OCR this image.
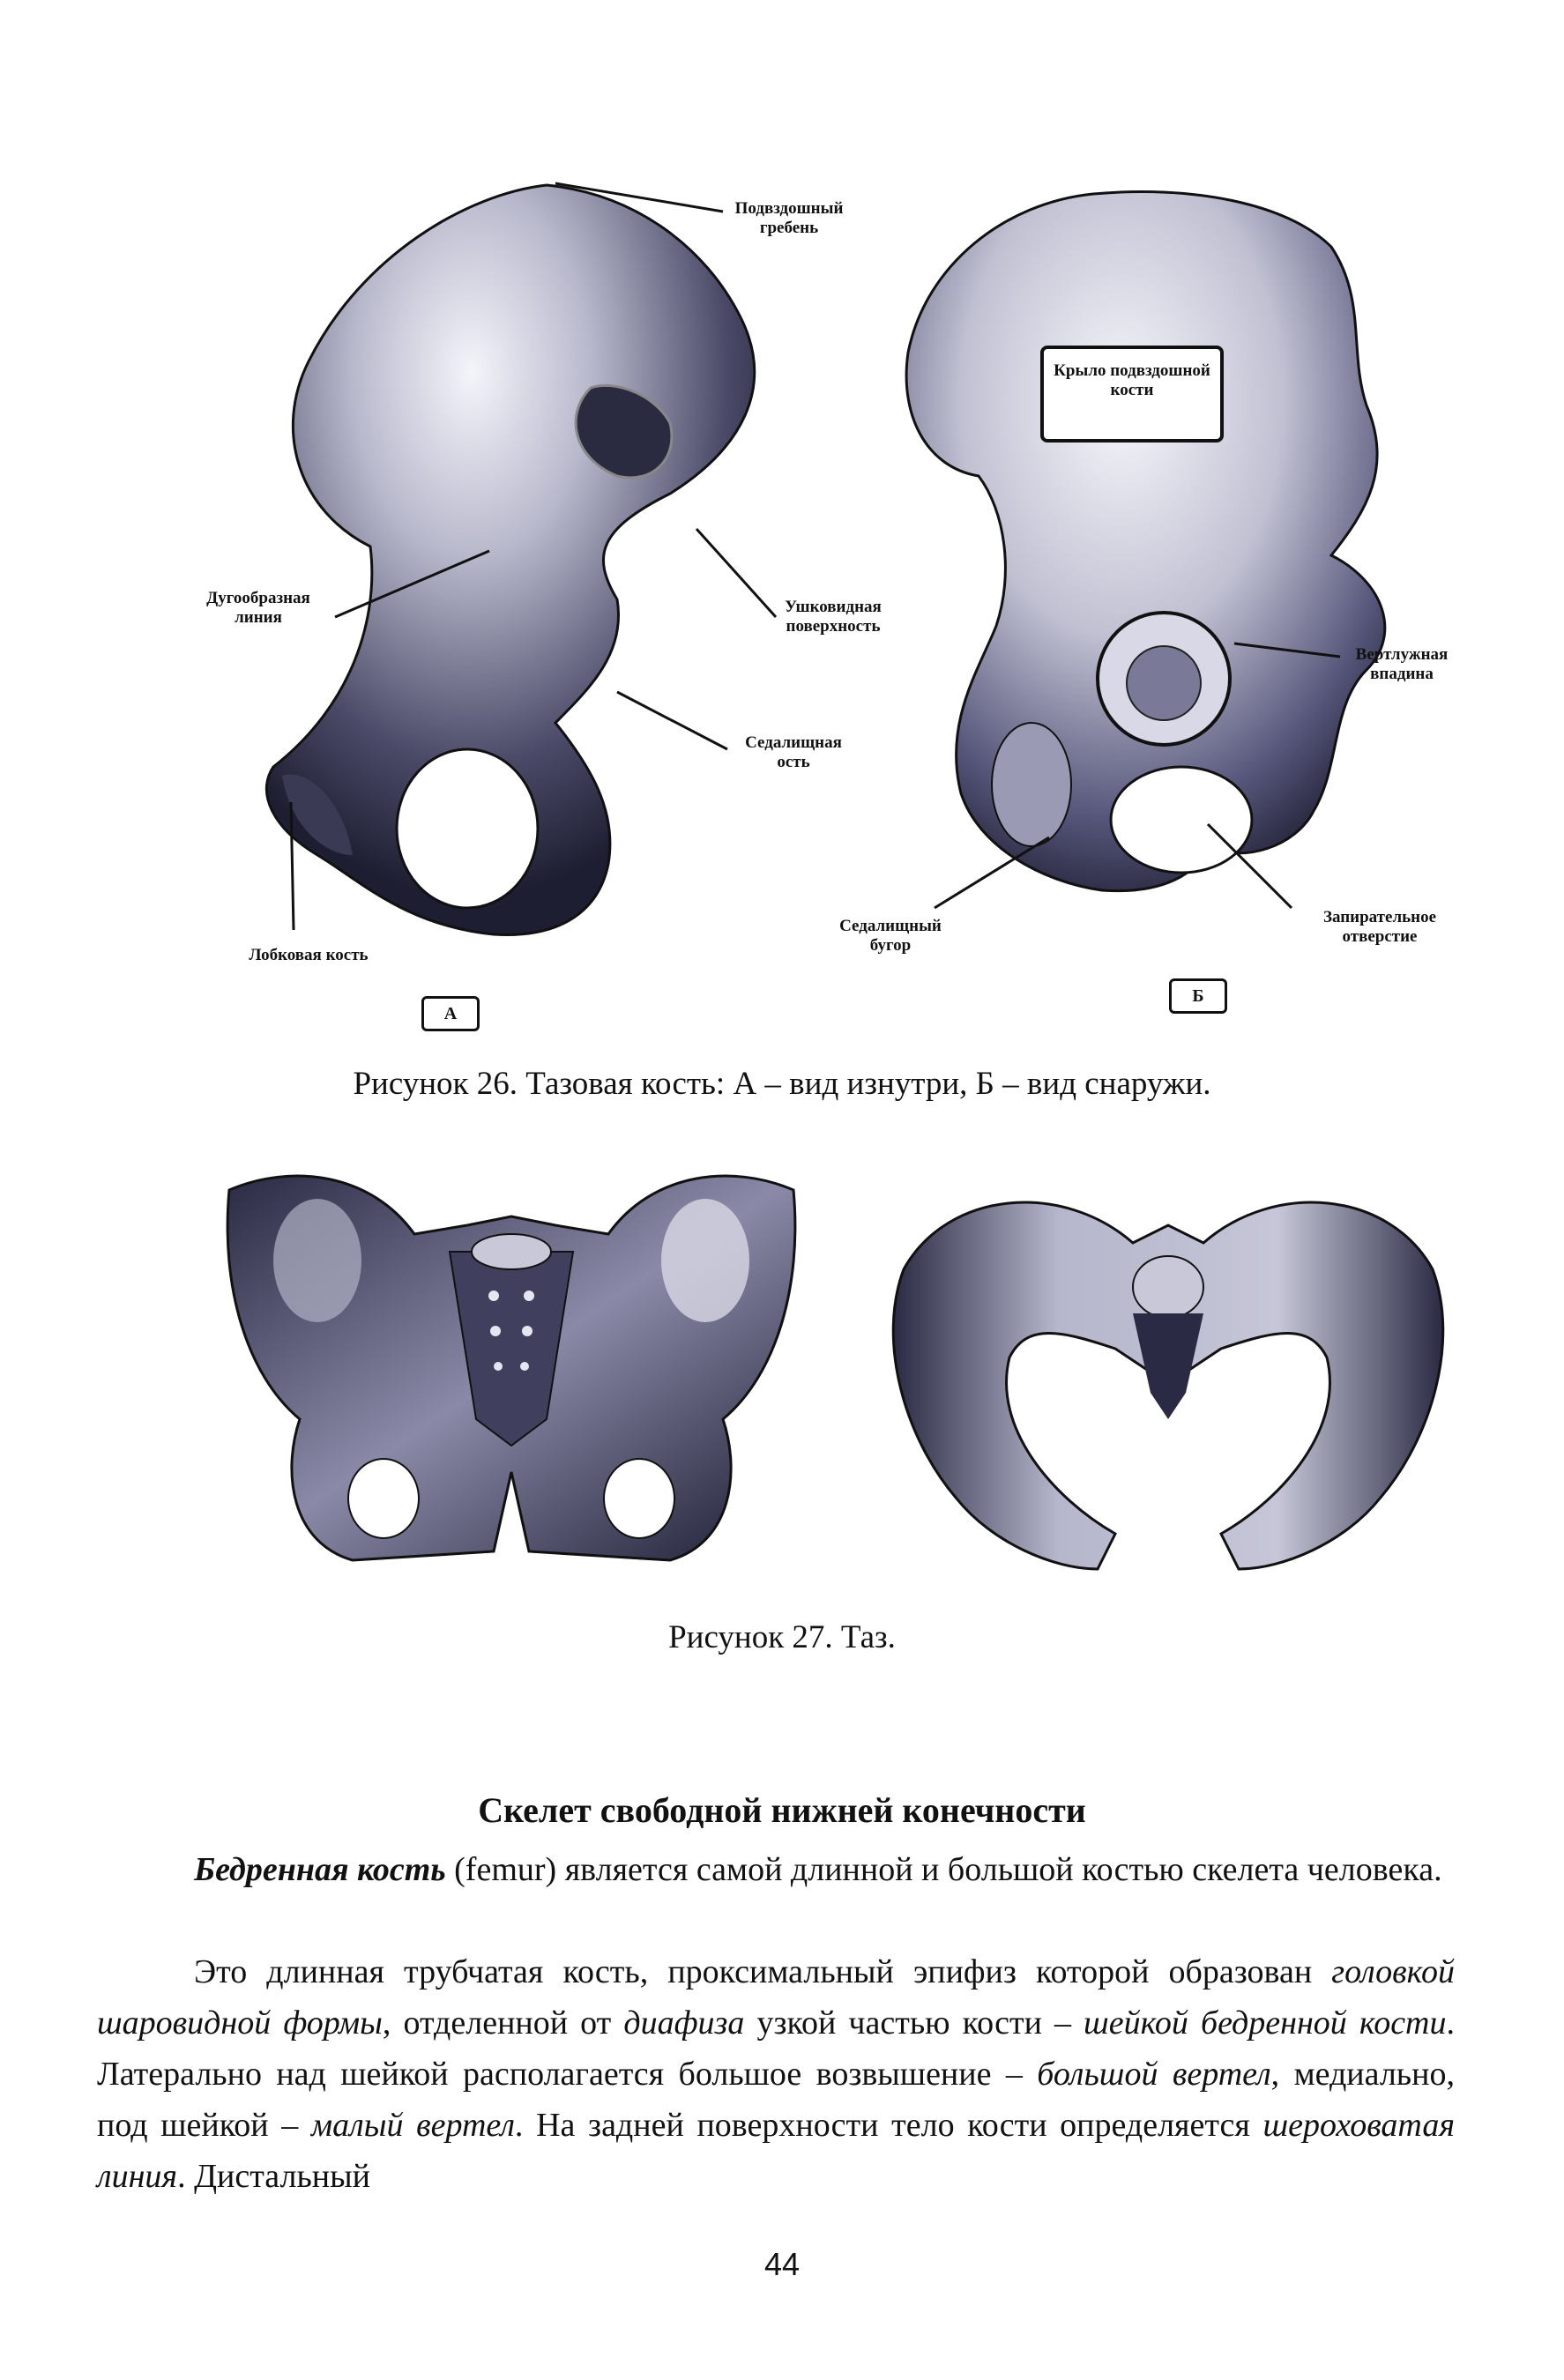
Подвздошный гребень
Дугообразная линия
Ушковидная поверхность
Седалищная ость
Лобковая кость
Крыло подвздошной кости
Вертлужная впадина
Седалищный бугор
Запирательное отверстие
А
Б
Рисунок 26. Тазовая кость: А – вид изнутри, Б – вид снаружи.
Рисунок 27. Таз.
Скелет свободной нижней конечности
Бедренная кость (femur) является самой длинной и большой костью скелета человека.
Это длинная трубчатая кость, проксимальный эпифиз которой образован головкой шаровидной формы, отделенной от диафиза узкой частью кости – шейкой бедренной кости. Латерально над шейкой располагается большое возвышение – большой вертел, медиально, под шейкой – малый вертел. На задней поверхности тело кости определяется шероховатая линия. Дистальный
44
